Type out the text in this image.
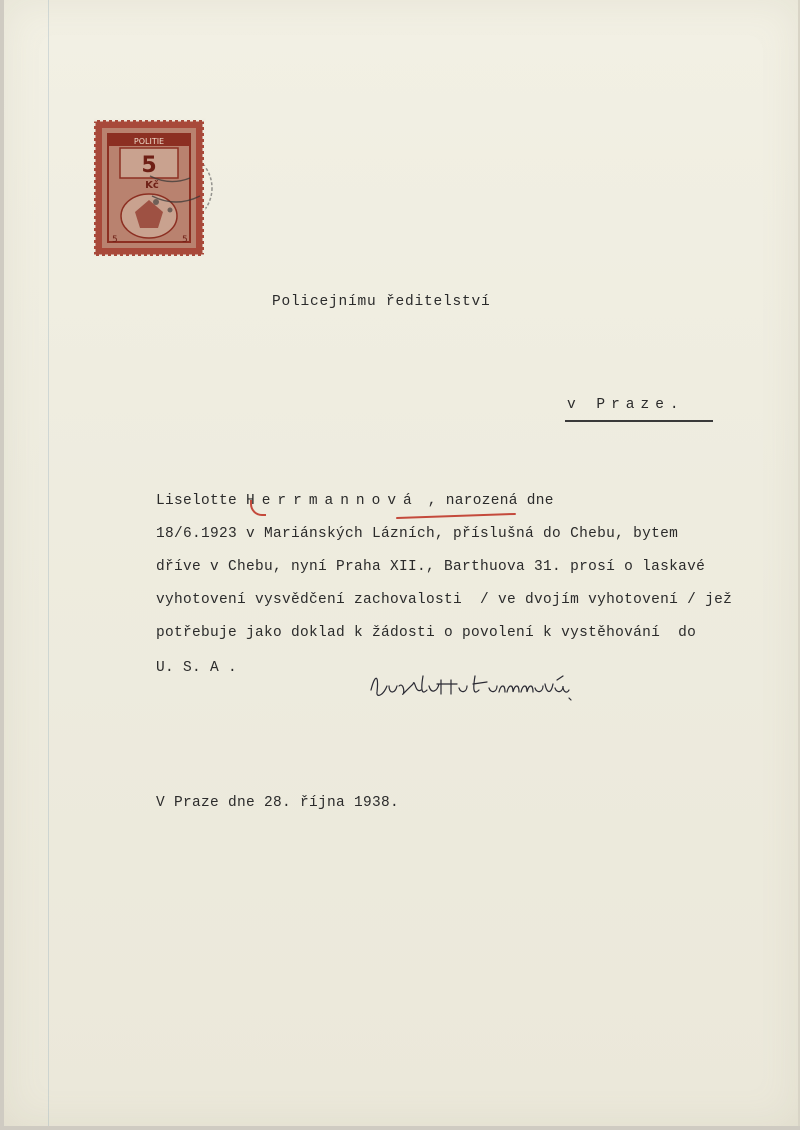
POLITIE
5
Kč
5	5
Policejnímu ředitelství
v Praze.
Liselotte Herrmannová , narozená dne
18/6.1923 v Mariánských Lázních, příslušná do Chebu, bytem
dříve v Chebu, nyní Praha XII., Barthuova 31. prosí o laskavé
vyhotovení vysvědčení zachovalosti  / ve dvojím vyhotovení / jež
potřebuje jako doklad k žádosti o povolení k vystěhování  do
U. S. A .
V Praze dne 28. října 1938.
